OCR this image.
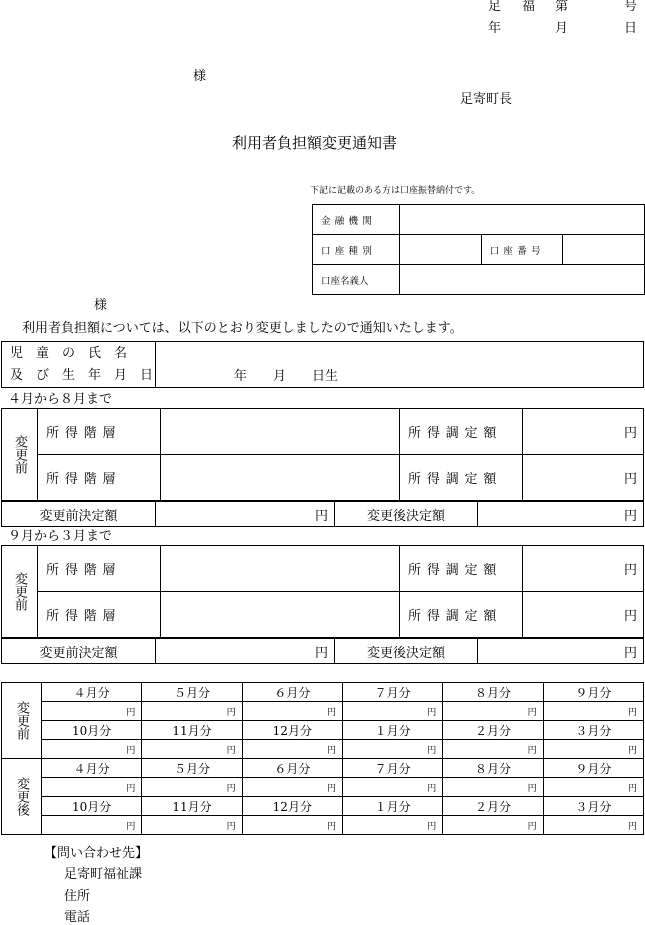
足 福 第	号
年	月	日
様
足寄町長
利用者負担額変更通知書
下記に記載のある方は口座振替納付です。
金融機関			
口座種別		口座番号	
口座名義人			
様
利用者負担額については、以下のとおり変更しましたので通知いたします。
児　童　の　氏　名
及　び　生　年　月　日	年　　月　　日生
４月から８月まで
変更前	所得階層		所得調定額	円
	所得階層		所得調定額	円
変更前決定額	円	変更後決定額	円
９月から３月まで
変更前	所得階層		所得調定額	円
	所得階層		所得調定額	円
変更前決定額	円	変更後決定額	円
変更前	４月分	５月分	６月分	７月分	８月分	９月分
	円	円	円	円	円	円
	10月分	11月分	12月分	１月分	２月分	３月分
	円	円	円	円	円	円
変更後	４月分	５月分	６月分	７月分	８月分	９月分
	円	円	円	円	円	円
	10月分	11月分	12月分	１月分	２月分	３月分
	円	円	円	円	円	円
【問い合わせ先】
足寄町福祉課
住所
電話
